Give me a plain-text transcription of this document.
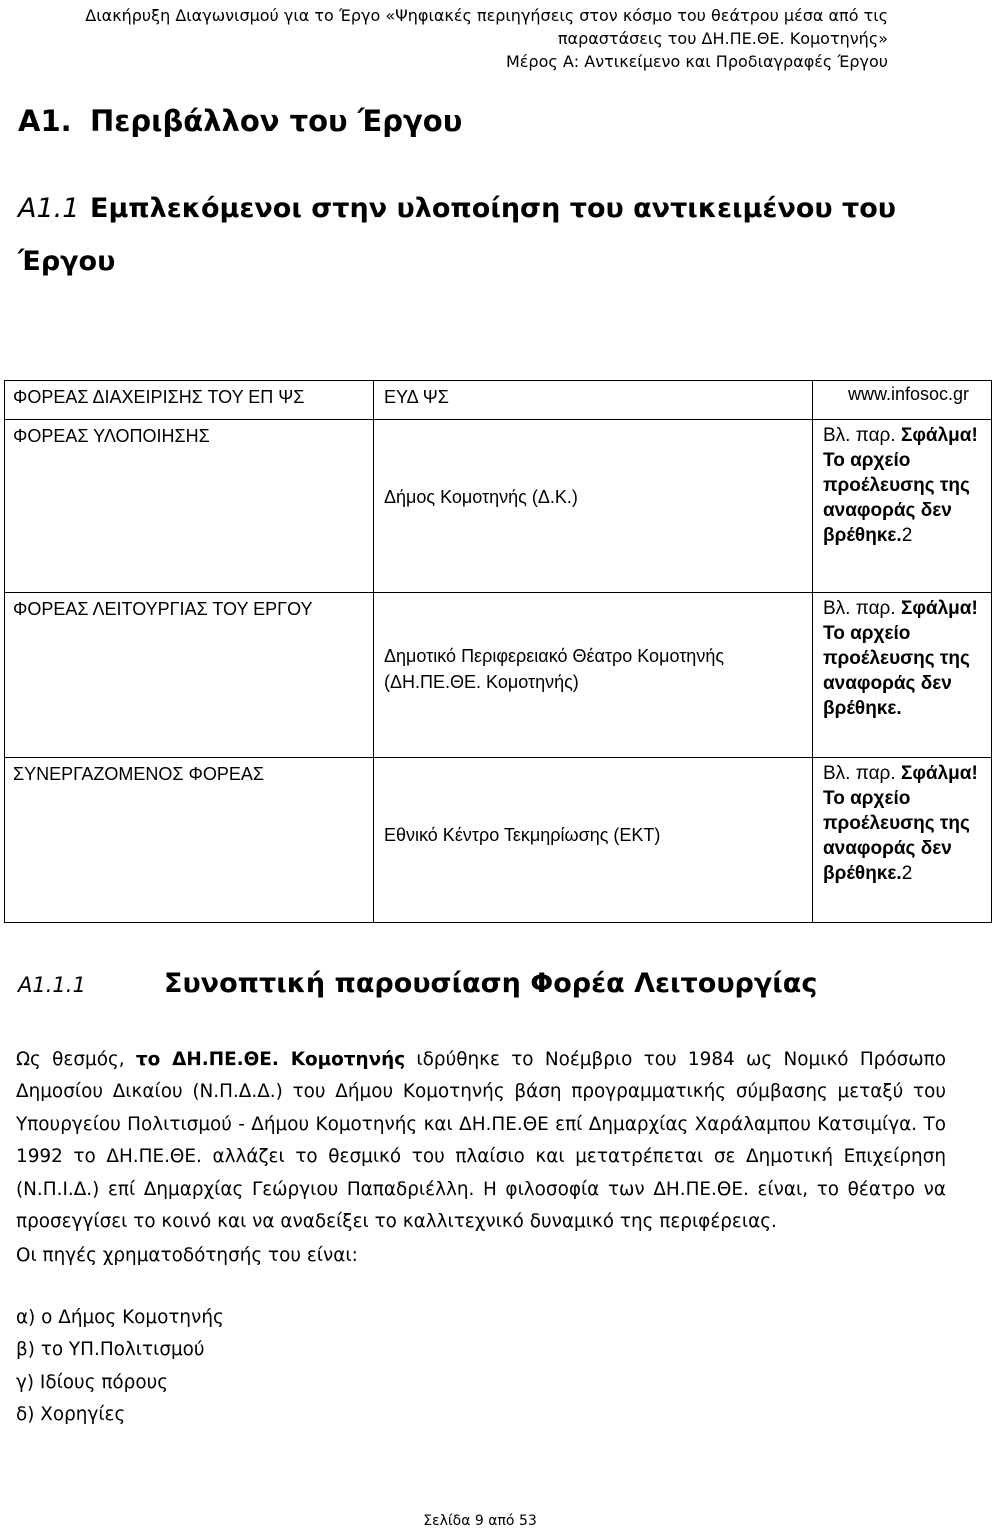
Διακήρυξη Διαγωνισμού για το Έργο «Ψηφιακές περιηγήσεις στον κόσμο του θεάτρου μέσα από τις
παραστάσεις του ΔΗ.ΠΕ.ΘΕ. Κομοτηνής»
Μέρος Α: Αντικείμενο και Προδιαγραφές Έργου
Α1. Περιβάλλον του Έργου
Α1.1 Εμπλεκόμενοι στην υλοποίηση του αντικειμένου του Έργου
ΦΟΡΕΑΣ ΔΙΑΧΕΙΡΙΣΗΣ ΤΟΥ ΕΠ ΨΣ	ΕΥΔ ΨΣ	www.infosoc.gr

ΦΟΡΕΑΣ ΥΛΟΠΟΙΗΣΗΣ	Δήμος Κομοτηνής (Δ.Κ.)	Βλ. παρ. Σφάλμα! Το αρχείο προέλευσης της αναφοράς δεν βρέθηκε.2
ΦΟΡΕΑΣ ΛΕΙΤΟΥΡΓΙΑΣ ΤΟΥ ΕΡΓΟΥ	Δημοτικό Περιφερειακό Θέατρο Κομοτηνής (ΔΗ.ΠΕ.ΘΕ. Κομοτηνής)	Βλ. παρ. Σφάλμα! Το αρχείο προέλευσης της αναφοράς δεν βρέθηκε.
ΣΥΝΕΡΓΑΖΟΜΕΝΟΣ ΦΟΡΕΑΣ	Εθνικό Κέντρο Τεκμηρίωσης (ΕΚΤ)	Βλ. παρ. Σφάλμα! Το αρχείο προέλευσης της αναφοράς δεν βρέθηκε.2
Α1.1.1	Συνοπτική παρουσίαση Φορέα Λειτουργίας
Ως θεσμός, το ΔΗ.ΠΕ.ΘΕ. Κομοτηνής ιδρύθηκε το Νοέμβριο του 1984 ως Νομικό Πρόσωπο Δημοσίου Δικαίου (Ν.Π.Δ.Δ.) του Δήμου Κομοτηνής βάση προγραμματικής σύμβασης μεταξύ του Υπουργείου Πολιτισμού - Δήμου Κομοτηνής και ΔΗ.ΠΕ.ΘΕ επί Δημαρχίας Χαράλαμπου Κατσιμίγα. Το 1992 το ΔΗ.ΠΕ.ΘΕ. αλλάζει το θεσμικό του πλαίσιο και μετατρέπεται σε Δημοτική Επιχείρηση (Ν.Π.Ι.Δ.) επί Δημαρχίας Γεώργιου Παπαδριέλλη. Η φιλοσοφία των ΔΗ.ΠΕ.ΘΕ. είναι, το θέατρο να προσεγγίσει το κοινό και να αναδείξει το καλλιτεχνικό δυναμικό της περιφέρειας.
Οι πηγές χρηματοδότησής του είναι:
α) ο Δήμος Κομοτηνής
β) το ΥΠ.Πολιτισμού
γ) Ιδίους πόρους
δ) Χορηγίες
Σελίδα 9 από 53
